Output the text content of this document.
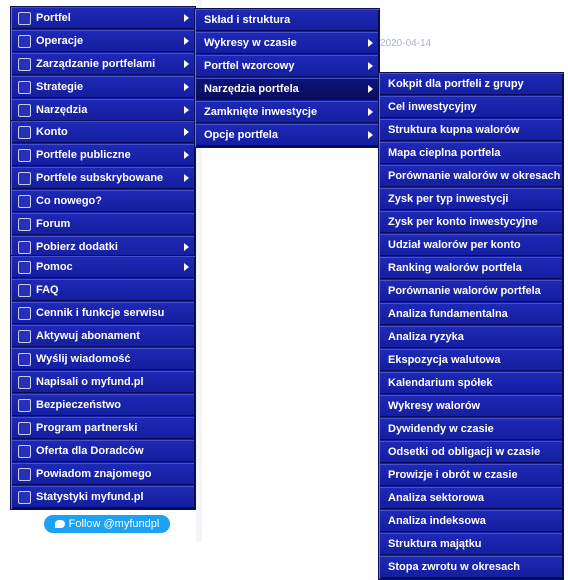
2020-04-14
Portfel
Operacje
Zarządzanie portfelami
Strategie
Narzędzia
Konto
Portfele publiczne
Portfele subskrybowane
Co nowego?
Forum
Pobierz dodatki
Pomoc
FAQ
Cennik i funkcje serwisu
Aktywuj abonament
Wyślij wiadomość
Napisali o myfund.pl
Bezpieczeństwo
Program partnerski
Oferta dla Doradców
Powiadom znajomego
Statystyki myfund.pl
Skład i struktura
Wykresy w czasie
Portfel wzorcowy
Narzędzia portfela
Zamknięte inwestycje
Opcje portfela
Kokpit dla portfeli z grupy
Cel inwestycyjny
Struktura kupna walorów
Mapa cieplna portfela
Porównanie walorów w okresach
Zysk per typ inwestycji
Zysk per konto inwestycyjne
Udział walorów per konto
Ranking walorów portfela
Porównanie walorów portfela
Analiza fundamentalna
Analiza ryzyka
Ekspozycja walutowa
Kalendarium spółek
Wykresy walorów
Dywidendy w czasie
Odsetki od obligacji w czasie
Prowizje i obrót w czasie
Analiza sektorowa
Analiza indeksowa
Struktura majątku
Stopa zwrotu w okresach
Follow @myfundpl
